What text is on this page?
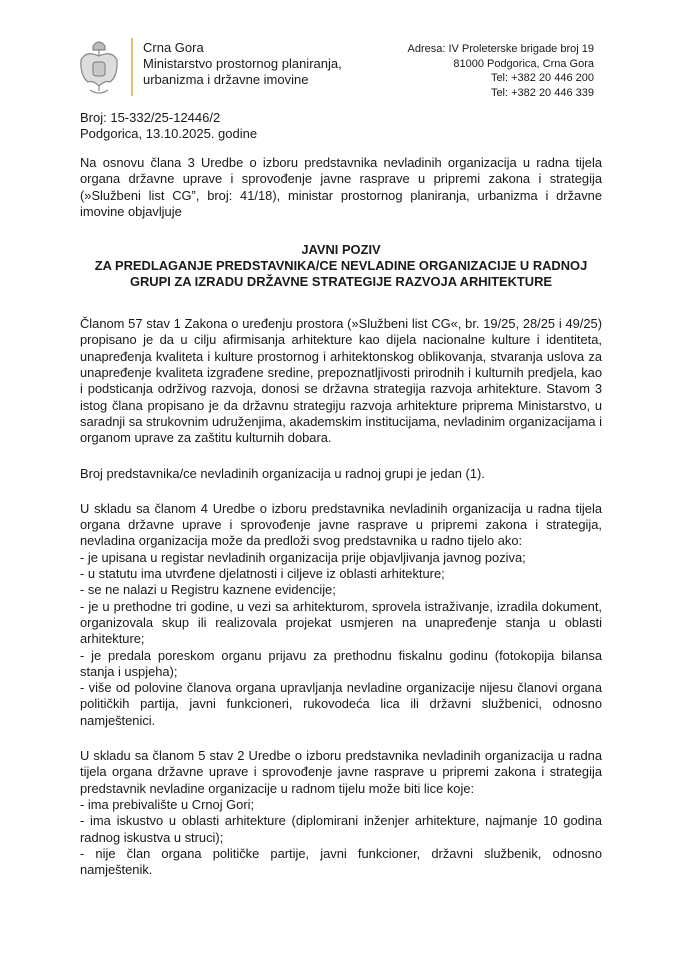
Crna Gora
Ministarstvo prostornog planiranja,
urbanizma i državne imovine
Adresa: IV Proleterske brigade broj 19
81000 Podgorica, Crna Gora
Tel: +382 20 446 200
Tel: +382 20 446 339
Broj: 15-332/25-12446/2
Podgorica, 13.10.2025. godine

Na osnovu člana 3 Uredbe o izboru predstavnika nevladinih organizacija u radna tijela organa državne uprave i sprovođenje javne rasprave u pripremi zakona i strategija (»Službeni list CG”, broj: 41/18), ministar prostornog planiranja, urbanizma i državne imovine objavljuje

JAVNI POZIV
ZA PREDLAGANJE PREDSTAVNIKA/CE NEVLADINE ORGANIZACIJE U RADNOJ GRUPI ZA IZRADU DRŽAVNE STRATEGIJE RAZVOJA ARHITEKTURE

Članom 57 stav 1 Zakona o uređenju prostora (»Službeni list CG«, br. 19/25, 28/25 i 49/25) propisano je da u cilju afirmisanja arhitekture kao dijela nacionalne kulture i identiteta, unapređenja kvaliteta i kulture prostornog i arhitektonskog oblikovanja, stvaranja uslova za unapređenje kvaliteta izgrađene sredine, prepoznatljivosti prirodnih i kulturnih predjela, kao i podsticanja održivog razvoja, donosi se državna strategija razvoja arhitekture. Stavom 3 istog člana propisano je da državnu strategiju razvoja arhitekture priprema Ministarstvo, u saradnji sa strukovnim udruženjima, akademskim institucijama, nevladinim organizacijama i organom uprave za zaštitu kulturnih dobara.

Broj predstavnika/ce nevladinih organizacija u radnoj grupi je jedan (1).

U skladu sa članom 4 Uredbe o izboru predstavnika nevladinih organizacija u radna tijela organa državne uprave i sprovođenje javne rasprave u pripremi zakona i strategija, nevladina organizacija može da predloži svog predstavnika u radno tijelo ako:
- je upisana u registar nevladinih organizacija prije objavljivanja javnog poziva;
- u statutu ima utvrđene djelatnosti i ciljeve iz oblasti arhitekture;
- se ne nalazi u Registru kaznene evidencije;
- je u prethodne tri godine, u vezi sa arhitekturom, sprovela istraživanje, izradila dokument, organizovala skup ili realizovala projekat usmjeren na unapređenje stanja u oblasti arhitekture;
- je predala poreskom organu prijavu za prethodnu fiskalnu godinu (fotokopija bilansa stanja i uspjeha);
- više od polovine članova organa upravljanja nevladine organizacije nijesu članovi organa političkih partija, javni funkcioneri, rukovodeća lica ili državni službenici, odnosno namještenici.
U skladu sa članom 5 stav 2 Uredbe o izboru predstavnika nevladinih organizacija u radna tijela organa državne uprave i sprovođenje javne rasprave u pripremi zakona i strategija predstavnik nevladine organizacije u radnom tijelu može biti lice koje:
- ima prebivalište u Crnoj Gori;
- ima iskustvo u oblasti arhitekture (diplomirani inženjer arhitekture, najmanje 10 godina radnog iskustva u struci);
- nije član organa političke partije, javni funkcioner, državni službenik, odnosno namještenik.
